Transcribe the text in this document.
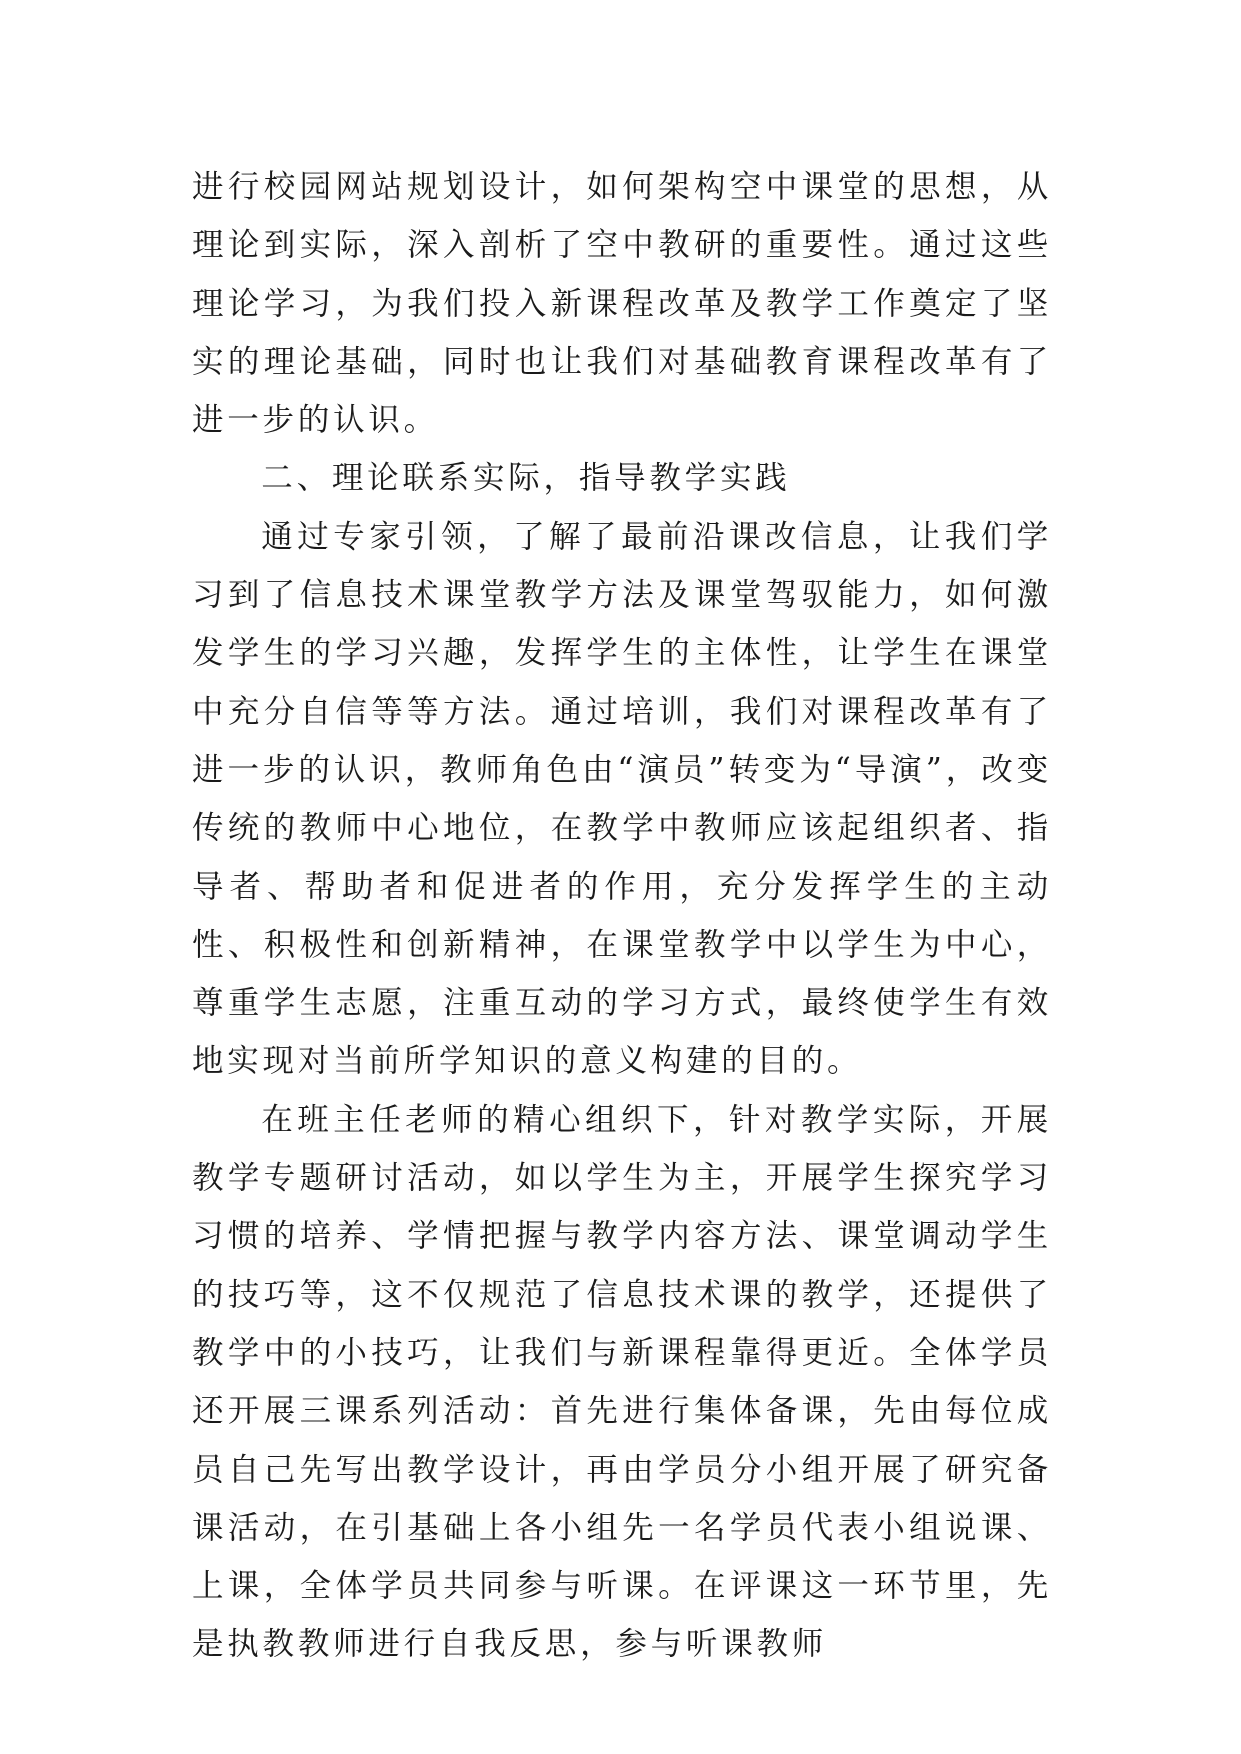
进行校园网站规划设计，如何架构空中课堂的思想，从理论到实际，深入剖析了空中教研的重要性。通过这些理论学习，为我们投入新课程改革及教学工作奠定了坚实的理论基础，同时也让我们对基础教育课程改革有了进一步的认识。

二、理论联系实际，指导教学实践

通过专家引领，了解了最前沿课改信息，让我们学习到了信息技术课堂教学方法及课堂驾驭能力，如何激发学生的学习兴趣，发挥学生的主体性，让学生在课堂中充分自信等等方法。通过培训，我们对课程改革有了进一步的认识，教师角色由“演员”转变为“导演”，改变传统的教师中心地位，在教学中教师应该起组织者、指导者、帮助者和促进者的作用，充分发挥学生的主动性、积极性和创新精神，在课堂教学中以学生为中心，尊重学生志愿，注重互动的学习方式，最终使学生有效地实现对当前所学知识的意义构建的目的。

在班主任老师的精心组织下，针对教学实际，开展教学专题研讨活动，如以学生为主，开展学生探究学习习惯的培养、学情把握与教学内容方法、课堂调动学生的技巧等，这不仅规范了信息技术课的教学，还提供了教学中的小技巧，让我们与新课程靠得更近。全体学员还开展三课系列活动：首先进行集体备课，先由每位成员自己先写出教学设计，再由学员分小组开展了研究备课活动，在引基础上各小组先一名学员代表小组说课、上课，全体学员共同参与听课。在评课这一环节里，先是执教教师进行自我反思，参与听课教师
